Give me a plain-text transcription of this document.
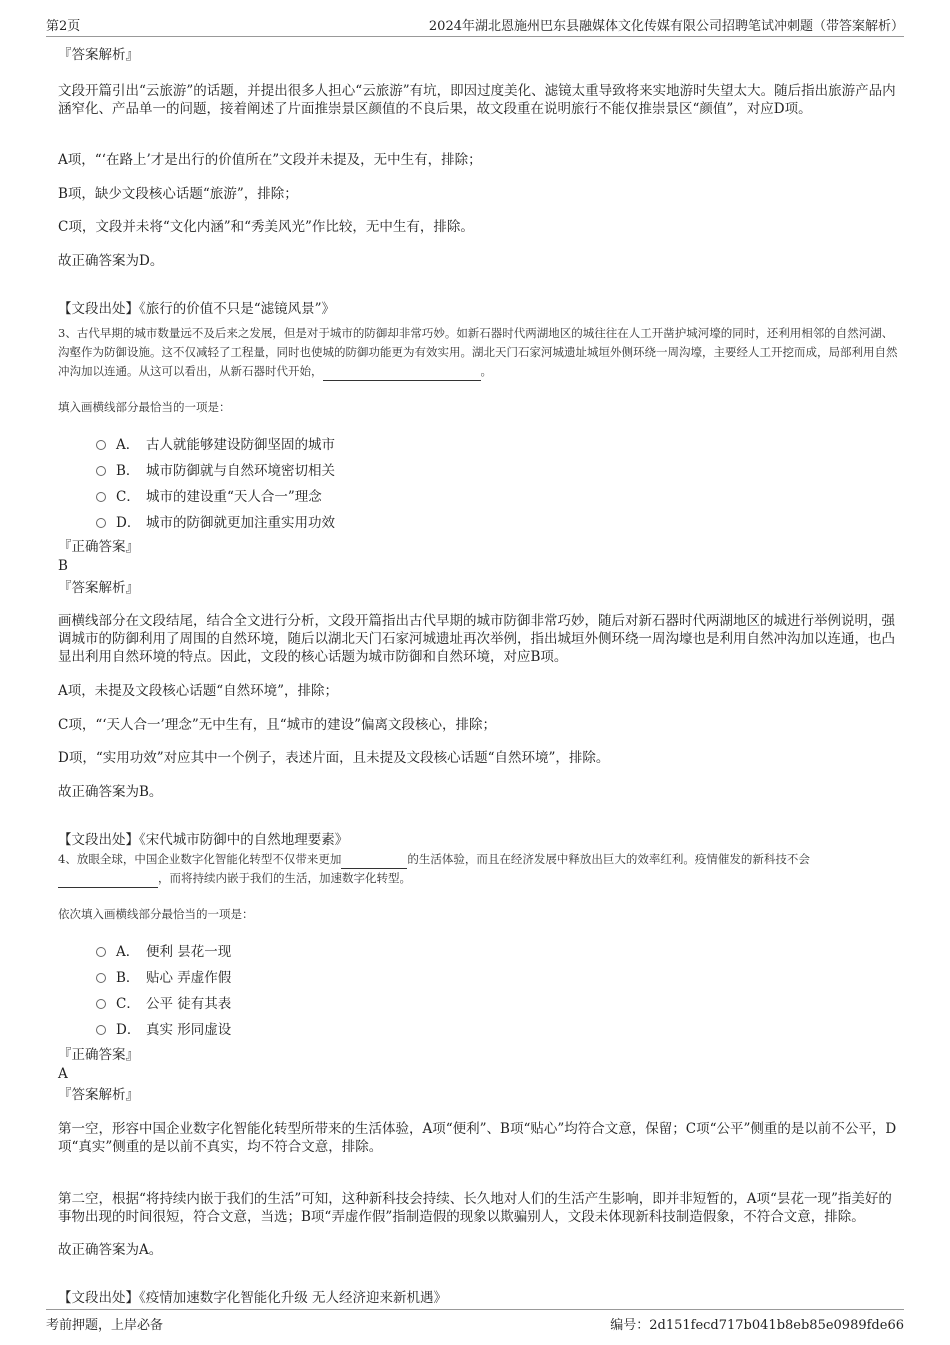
第2页	2024年湖北恩施州巴东县融媒体文化传媒有限公司招聘笔试冲刺题（带答案解析）
『答案解析』

文段开篇引出“云旅游”的话题，并提出很多人担心“云旅游”有坑，即因过度美化、滤镜太重导致将来实地游时失望太大。随后指出旅游产品内涵窄化、产品单一的问题，接着阐述了片面推崇景区颜值的不良后果，故文段重在说明旅行不能仅推崇景区“颜值”，对应D项。

A项，“‘在路上’才是出行的价值所在”文段并未提及，无中生有，排除；

B项，缺少文段核心话题“旅游”，排除；

C项，文段并未将“文化内涵”和“秀美风光”作比较，无中生有，排除。

故正确答案为D。

【文段出处】《旅行的价值不只是“滤镜风景”》

3、古代早期的城市数量远不及后来之发展，但是对于城市的防御却非常巧妙。如新石器时代两湖地区的城往往在人工开凿护城河壕的同时，还利用相邻的自然河湖、沟壑作为防御设施。这不仅减轻了工程量，同时也使城的防御功能更为有效实用。湖北天门石家河城遗址城垣外侧环绕一周沟壕，主要经人工开挖而成，局部利用自然冲沟加以连通。从这可以看出，从新石器时代开始，	。
填入画横线部分最恰当的一项是：
A． 古人就能够建设防御坚固的城市
B． 城市防御就与自然环境密切相关
C． 城市的建设重“天人合一”理念
D． 城市的防御就更加注重实用功效
『正确答案』
B
『答案解析』

画横线部分在文段结尾，结合全文进行分析，文段开篇指出古代早期的城市防御非常巧妙，随后对新石器时代两湖地区的城进行举例说明，强调城市的防御利用了周围的自然环境，随后以湖北天门石家河城遗址再次举例，指出城垣外侧环绕一周沟壕也是利用自然冲沟加以连通，也凸显出利用自然环境的特点。因此，文段的核心话题为城市防御和自然环境，对应B项。

A项，未提及文段核心话题“自然环境”，排除；

C项，“‘天人合一’理念”无中生有，且“城市的建设”偏离文段核心，排除；

D项，“实用功效”对应其中一个例子，表述片面，且未提及文段核心话题“自然环境”，排除。

故正确答案为B。

【文段出处】《宋代城市防御中的自然地理要素》

4、放眼全球，中国企业数字化智能化转型不仅带来更加	的生活体验，而且在经济发展中释放出巨大的效率红利。疫情催发的新科技不会，而将持续内嵌于我们的生活，加速数字化转型。
依次填入画横线部分最恰当的一项是：
A． 便利 昙花一现
B． 贴心 弄虚作假
C． 公平 徒有其表
D． 真实 形同虚设
『正确答案』
A
『答案解析』

第一空，形容中国企业数字化智能化转型所带来的生活体验，A项“便利”、B项“贴心”均符合文意，保留；C项“公平”侧重的是以前不公平，D项“真实”侧重的是以前不真实，均不符合文意，排除。

第二空，根据“将持续内嵌于我们的生活”可知，这种新科技会持续、长久地对人们的生活产生影响，即并非短暂的，A项“昙花一现”指美好的事物出现的时间很短，符合文意，当选；B项“弄虚作假”指制造假的现象以欺骗别人，文段未体现新科技制造假象，不符合文意，排除。

故正确答案为A。

【文段出处】《疫情加速数字化智能化升级 无人经济迎来新机遇》

考前押题，上岸必备	编号：2d151fecd717b041b8eb85e0989fde66
